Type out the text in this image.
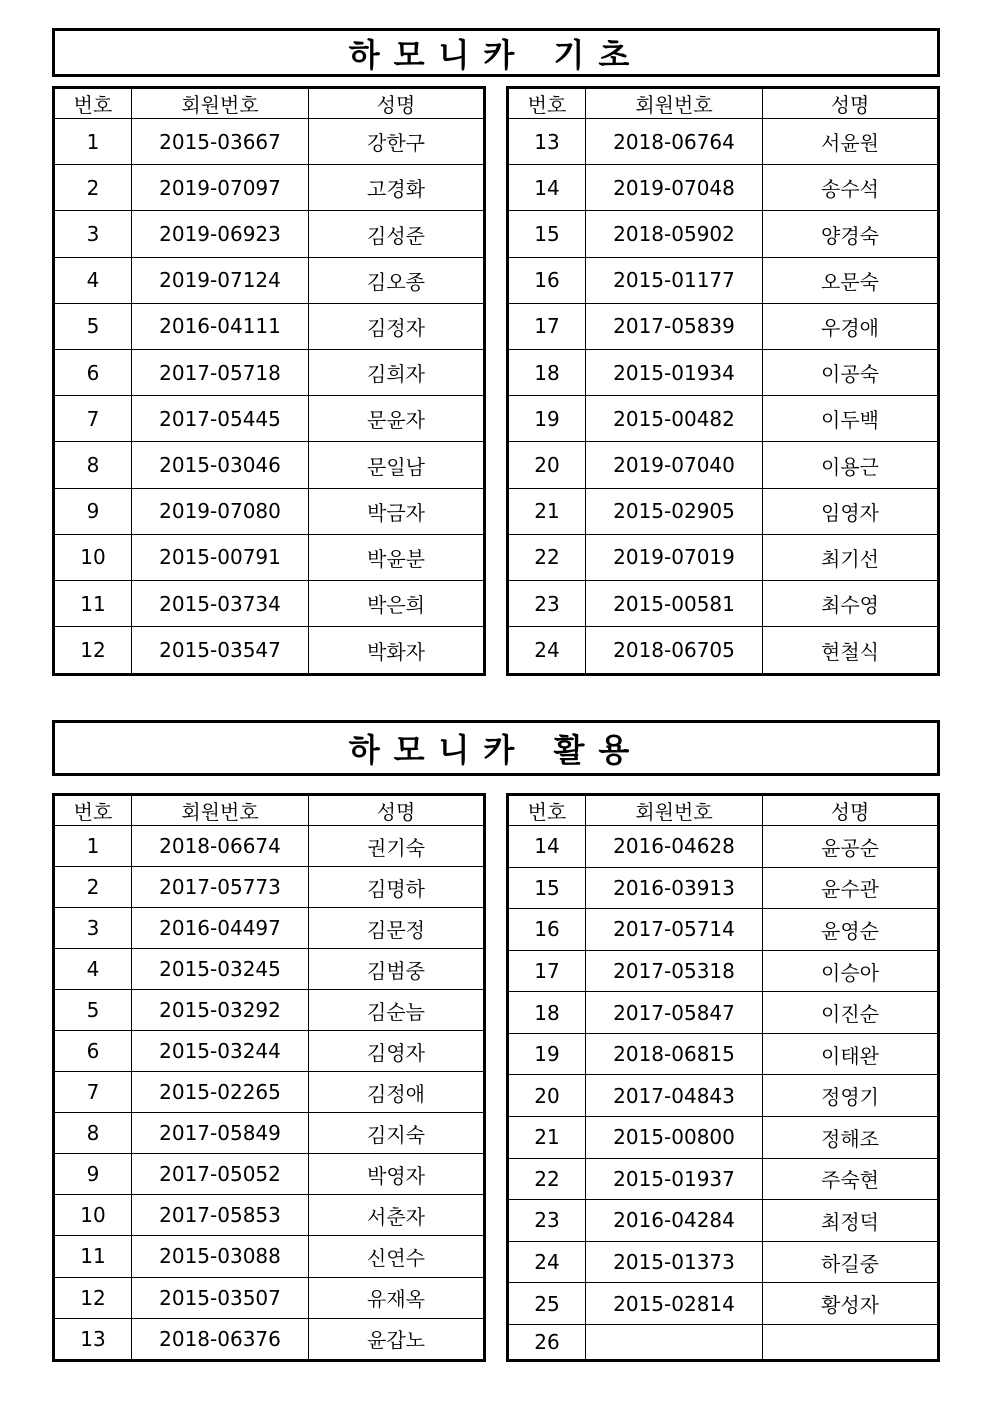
하모니카 기초
번호	회원번호	성명
1	2015-03667	강한구
2	2019-07097	고경화
3	2019-06923	김성준
4	2019-07124	김오종
5	2016-04111	김정자
6	2017-05718	김희자
7	2017-05445	문윤자
8	2015-03046	문일남
9	2019-07080	박금자
10	2015-00791	박윤분
11	2015-03734	박은희
12	2015-03547	박화자
번호	회원번호	성명
13	2018-06764	서윤원
14	2019-07048	송수석
15	2018-05902	양경숙
16	2015-01177	오문숙
17	2017-05839	우경애
18	2015-01934	이공숙
19	2015-00482	이두백
20	2019-07040	이용근
21	2015-02905	임영자
22	2019-07019	최기선
23	2015-00581	최수영
24	2018-06705	현철식
하모니카 활용
번호	회원번호	성명
1	2018-06674	권기숙
2	2017-05773	김명하
3	2016-04497	김문정
4	2015-03245	김범중
5	2015-03292	김순늠
6	2015-03244	김영자
7	2015-02265	김정애
8	2017-05849	김지숙
9	2017-05052	박영자
10	2017-05853	서춘자
11	2015-03088	신연수
12	2015-03507	유재옥
13	2018-06376	윤갑노
번호	회원번호	성명
14	2016-04628	윤공순
15	2016-03913	윤수관
16	2017-05714	윤영순
17	2017-05318	이승아
18	2017-05847	이진순
19	2018-06815	이태완
20	2017-04843	정영기
21	2015-00800	정해조
22	2015-01937	주숙현
23	2016-04284	최정덕
24	2015-01373	하길중
25	2015-02814	황성자
26		
